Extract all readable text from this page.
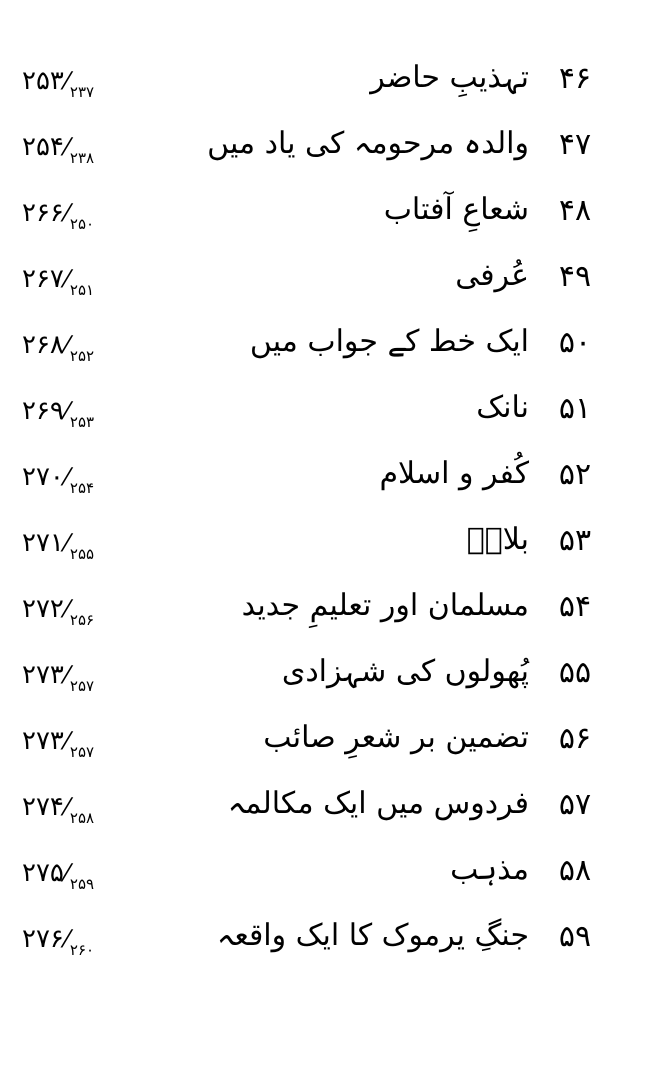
$۲۵۳⁄_{۲۳۷}$	تہذیبِ حاضر ۴۶
$۲۵۴⁄_{۲۳۸}$	والدہ مرحومہ کی یاد میں ۴۷
$۲۶۶⁄_{۲۵۰}$	شعاعِ آفتاب ۴۸
$۲۶۷⁄_{۲۵۱}$	عُرفی ۴۹
$۲۶۸⁄_{۲۵۲}$	ایک خط کے جواب میں ۵۰
$۲۶۹⁄_{۲۵۳}$	نانک ۵۱
$۲۷۰⁄_{۲۵۴}$	کُفر و اسلام ۵۲
$۲۷۱⁄_{۲۵۵}$	بلالؓ ۵۳
$۲۷۲⁄_{۲۵۶}$	مسلمان اور تعلیمِ جدید ۵۴
$۲۷۳⁄_{۲۵۷}$	پُھولوں کی شہزادی ۵۵
$۲۷۳⁄_{۲۵۷}$	تضمین بر شعرِ صائب ۵۶
$۲۷۴⁄_{۲۵۸}$	فردوس میں ایک مکالمہ ۵۷
$۲۷۵⁄_{۲۵۹}$	مذہب ۵۸
$۲۷۶⁄_{۲۶۰}$	جنگِ یرموک کا ایک واقعہ ۵۹
